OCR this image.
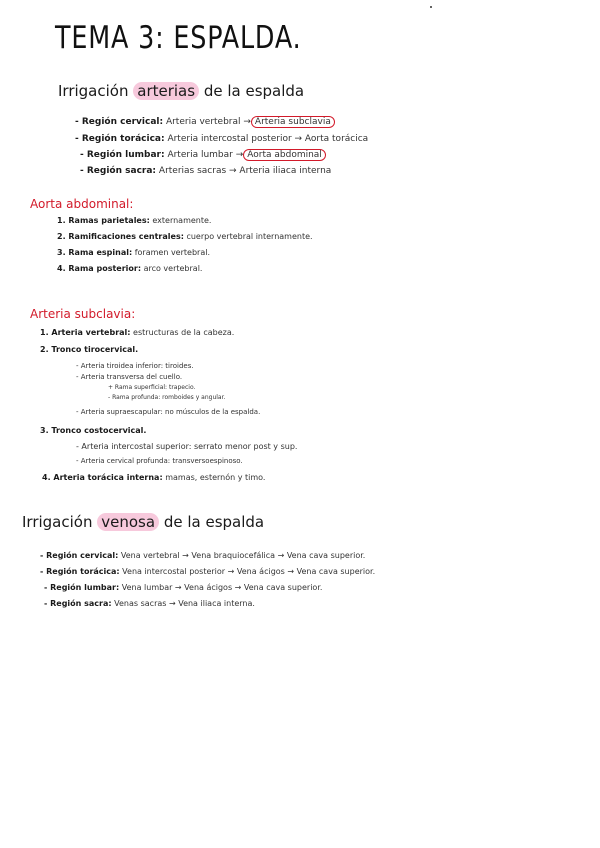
TEMA 3: ESPALDA.
Irrigación arterias de la espalda
- Región cervical: Arteria vertebral → Arteria subclavia
- Región torácica: Arteria intercostal posterior → Aorta torácica
- Región lumbar: Arteria lumbar → Aorta abdominal
- Región sacra: Arterias sacras → Arteria iliaca interna
Aorta abdominal:
1. Ramas parietales: externamente.
2. Ramificaciones centrales: cuerpo vertebral internamente.
3. Rama espinal: foramen vertebral.
4. Rama posterior: arco vertebral.
Arteria subclavia:
1. Arteria vertebral: estructuras de la cabeza.
2. Tronco tirocervical.
- Arteria tiroidea inferior: tiroides.
- Arteria transversa del cuello.
+ Rama superficial: trapecio.
- Rama profunda: romboides y angular.
- Arteria supraescapular: no músculos de la espalda.
3. Tronco costocervical.
- Arteria intercostal superior: serrato menor post y sup.
- Arteria cervical profunda: transversoespinoso.
4. Arteria torácica interna: mamas, esternón y timo.
Irrigación venosa de la espalda
- Región cervical: Vena vertebral → Vena braquiocefálica → Vena cava superior.
- Región torácica: Vena intercostal posterior → Vena ácigos → Vena cava superior.
- Región lumbar: Vena lumbar → Vena ácigos → Vena cava superior.
- Región sacra: Venas sacras → Vena iliaca interna.
